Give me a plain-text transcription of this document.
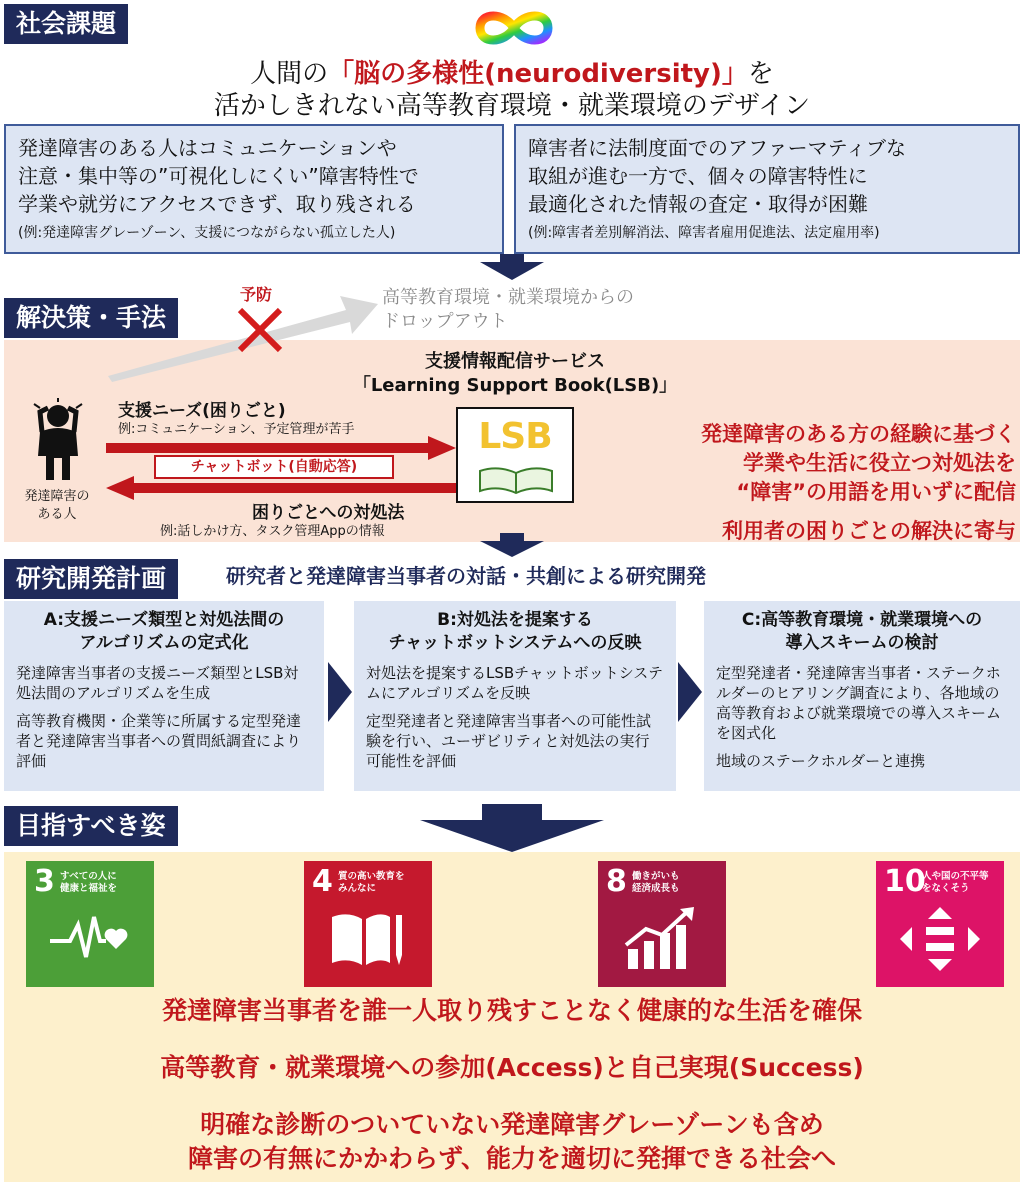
社会課題
人間の「脳の多様性(neurodiversity)」を
活かしきれない高等教育環境・就業環境のデザイン
発達障害のある人はコミュニケーションや
注意・集中等の”可視化しにくい”障害特性で
学業や就労にアクセスできず、取り残される
(例:発達障害グレーゾーン、支援につながらない孤立した人)
障害者に法制度面でのアファーマティブな
取組が進む一方で、個々の障害特性に
最適化された情報の査定・取得が困難
(例:障害者差別解消法、障害者雇用促進法、法定雇用率)
解決策・手法
予防	高等教育環境・就業環境からの
ドロップアウト
支援情報配信サービス
「Learning Support Book(LSB)」
発達障害の
ある人
支援ニーズ(困りごと)
例:コミュニケーション、予定管理が苦手
チャットボット(自動応答)
困りごとへの対処法
例:話しかけ方、タスク管理Appの情報
LSB	発達障害のある方の経験に基づく
学業や生活に役立つ対処法を
“障害”の用語を用いずに配信
利用者の困りごとの解決に寄与
研究開発計画	研究者と発達障害当事者の対話・共創による研究開発
A:支援ニーズ類型と対処法間の
アルゴリズムの定式化
発達障害当事者の支援ニーズ類型とLSB対処法間のアルゴリズムを生成
高等教育機関・企業等に所属する定型発達者と発達障害当事者への質問紙調査により評価
B:対処法を提案する
チャットボットシステムへの反映
対処法を提案するLSBチャットボットシステムにアルゴリズムを反映
定型発達者と発達障害当事者への可能性試験を行い、ユーザビリティと対処法の実行可能性を評価
C:高等教育環境・就業環境への
導入スキームの検討
定型発達者・発達障害当事者・ステークホルダーのヒアリング調査により、各地域の高等教育および就業環境での導入スキームを図式化
地域のステークホルダーと連携
目指すべき姿
3 すべての人に
健康と福祉を	4 質の高い教育を
みんなに	8 働きがいも
経済成長も	10
人や国の不平等
をなくそう
発達障害当事者を誰一人取り残すことなく健康的な生活を確保
高等教育・就業環境への参加(Access)と自己実現(Success)
明確な診断のついていない発達障害グレーゾーンも含め
障害の有無にかかわらず、能力を適切に発揮できる社会へ
